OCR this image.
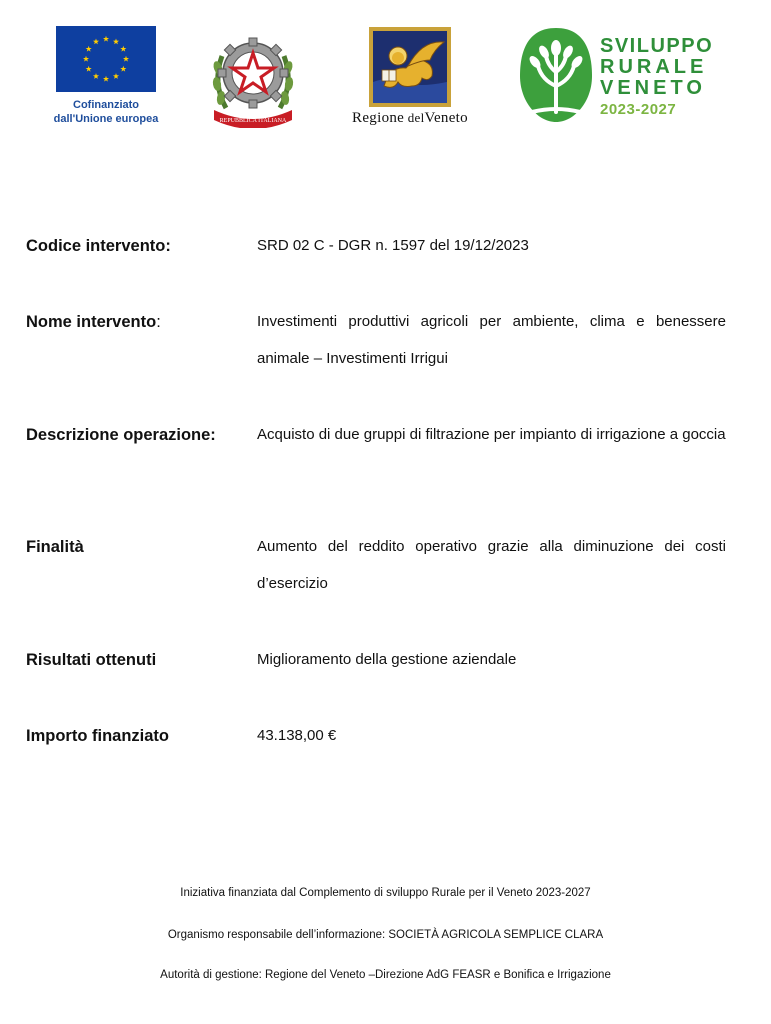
Cofinanziato
dall'Unione europea	REPUBBLICA ITALIANA	Regione delVeneto
SVILUPPO
RURALE
VENETO
2023-2027
Codice intervento:	SRD 02 C - DGR n. 1597 del 19/12/2023
Nome intervento:	Investimenti produttivi agricoli per ambiente, clima e benessere animale – Investimenti Irrigui
Descrizione operazione:	Acquisto di due gruppi di filtrazione per impianto di irrigazione a goccia
Finalità	Aumento del reddito operativo grazie alla diminuzione dei costi d’esercizio
Risultati ottenuti	Miglioramento della gestione aziendale
Importo finanziato	43.138,00 €
Iniziativa finanziata dal Complemento di sviluppo Rurale per il Veneto 2023-2027
Organismo responsabile dell’informazione: SOCIETÀ AGRICOLA SEMPLICE CLARA
Autorità di gestione: Regione del Veneto –Direzione AdG FEASR e Bonifica e Irrigazione
